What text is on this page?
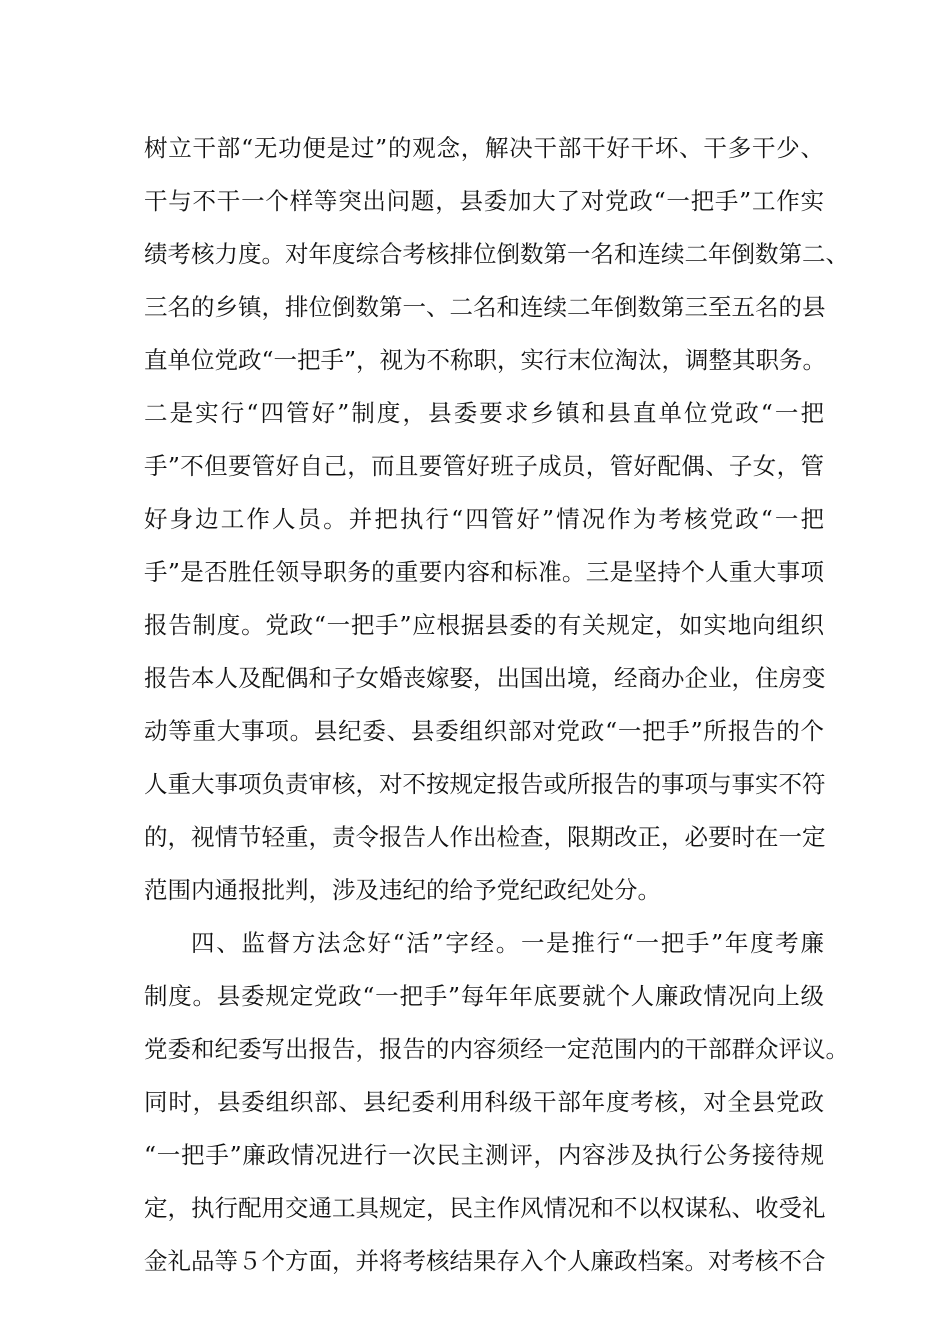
树立干部“无功便是过”的观念，解决干部干好干坏、干多干少、
干与不干一个样等突出问题，县委加大了对党政“一把手”工作实
绩考核力度。对年度综合考核排位倒数第一名和连续二年倒数第二、
三名的乡镇，排位倒数第一、二名和连续二年倒数第三至五名的县
直单位党政“一把手”，视为不称职，实行末位淘汰，调整其职务。
二是实行“四管好”制度，县委要求乡镇和县直单位党政“一把
手”不但要管好自己，而且要管好班子成员，管好配偶、子女，管
好身边工作人员。并把执行“四管好”情况作为考核党政“一把
手”是否胜任领导职务的重要内容和标准。三是坚持个人重大事项
报告制度。党政“一把手”应根据县委的有关规定，如实地向组织
报告本人及配偶和子女婚丧嫁娶，出国出境，经商办企业，住房变
动等重大事项。县纪委、县委组织部对党政“一把手”所报告的个
人重大事项负责审核，对不按规定报告或所报告的事项与事实不符
的，视情节轻重，责令报告人作出检查，限期改正，必要时在一定
范围内通报批判，涉及违纪的给予党纪政纪处分。
四、监督方法念好“活”字经。一是推行“一把手”年度考廉
制度。县委规定党政“一把手”每年年底要就个人廉政情况向上级
党委和纪委写出报告，报告的内容须经一定范围内的干部群众评议。
同时，县委组织部、县纪委利用科级干部年度考核，对全县党政
“一把手”廉政情况进行一次民主测评，内容涉及执行公务接待规
定，执行配用交通工具规定，民主作风情况和不以权谋私、收受礼
金礼品等５个方面，并将考核结果存入个人廉政档案。对考核不合
